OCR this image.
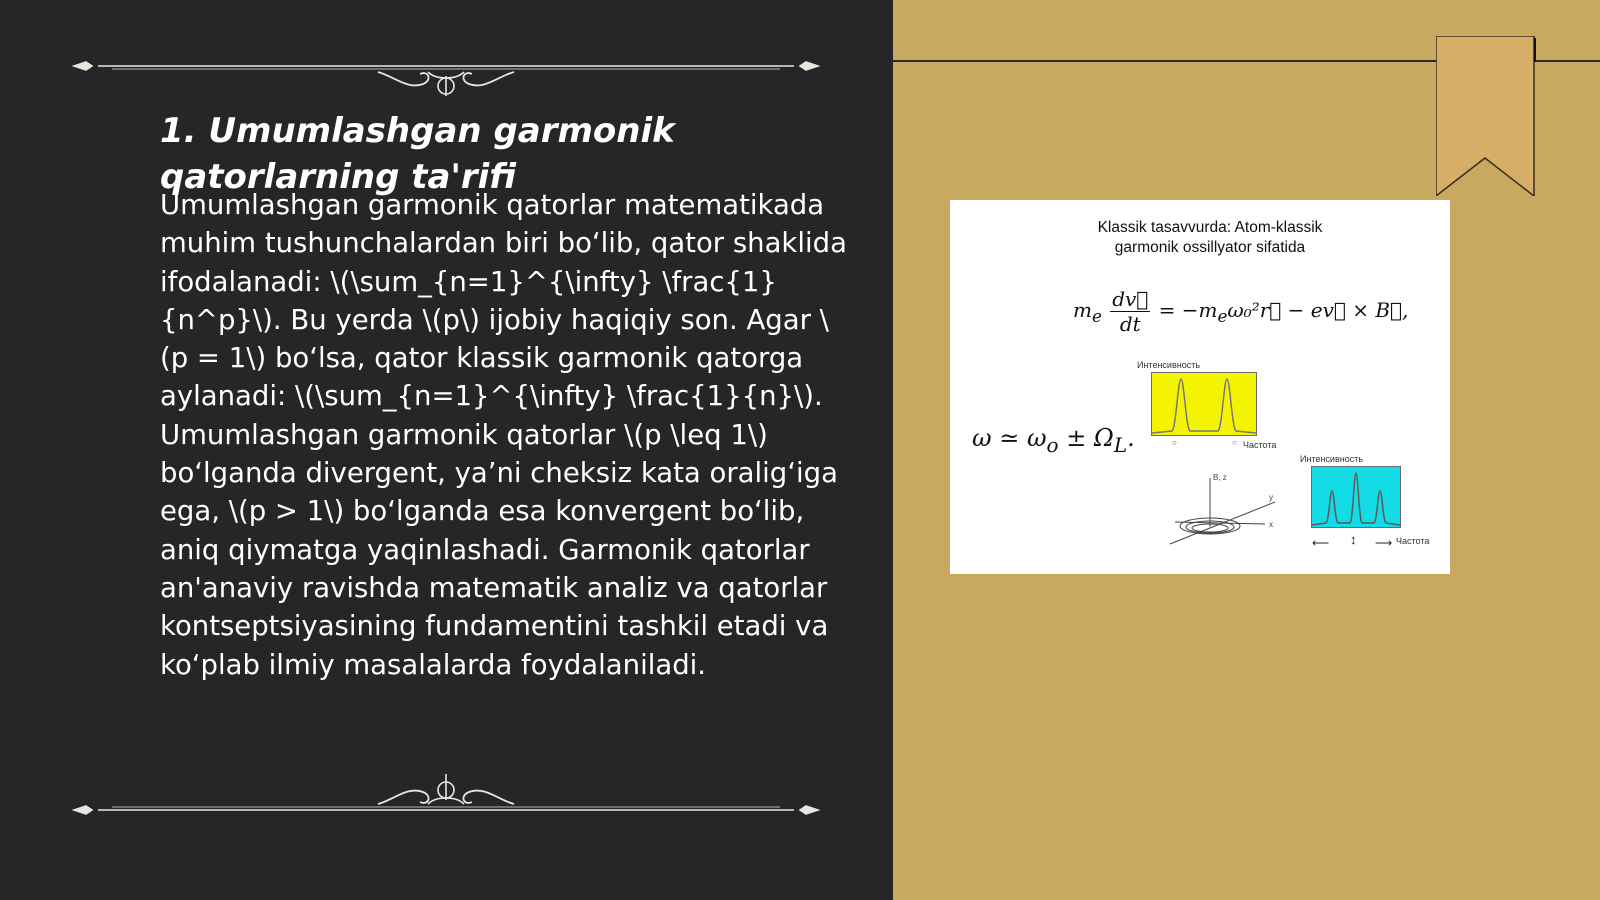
1. Umumlashgan garmonik qatorlarning ta'rifi

Umumlashgan garmonik qatorlar matematikada muhim tushunchalardan biri bo‘lib, qator shaklida ifodalanadi: \(\sum_{n=1}^{\infty} \frac{1}{n^p}\). Bu yerda \(p\) ijobiy haqiqiy son. Agar \(p = 1\) bo‘lsa, qator klassik garmonik qatorga aylanadi: \(\sum_{n=1}^{\infty} \frac{1}{n}\). Umumlashgan garmonik qatorlar \(p \leq 1\) bo‘lganda divergent, ya’ni cheksiz kata oralig‘iga ega, \(p > 1\) bo‘lganda esa konvergent bo‘lib, aniq qiymatga yaqinlashadi. Garmonik qatorlar an'anaviy ravishda matematik analiz va qatorlar kontseptsiyasining fundamentini tashkil etadi va ko‘plab ilmiy masalalarda foydalaniladi.

Klassik tasavvurda: Atom-klassik
garmonik ossillyator sifatida
$m_e \frac{dv⃗}{dt}$ = $-m_e\omega_0^2r⃗$ − ev⃗ × B⃗,
ω ≃ $\omega_o \pm \Omega_L$.
Интенсивность
○	○ Частота
Интенсивность
⟵ ↕ ⟶ Частота
B, z
y
x
